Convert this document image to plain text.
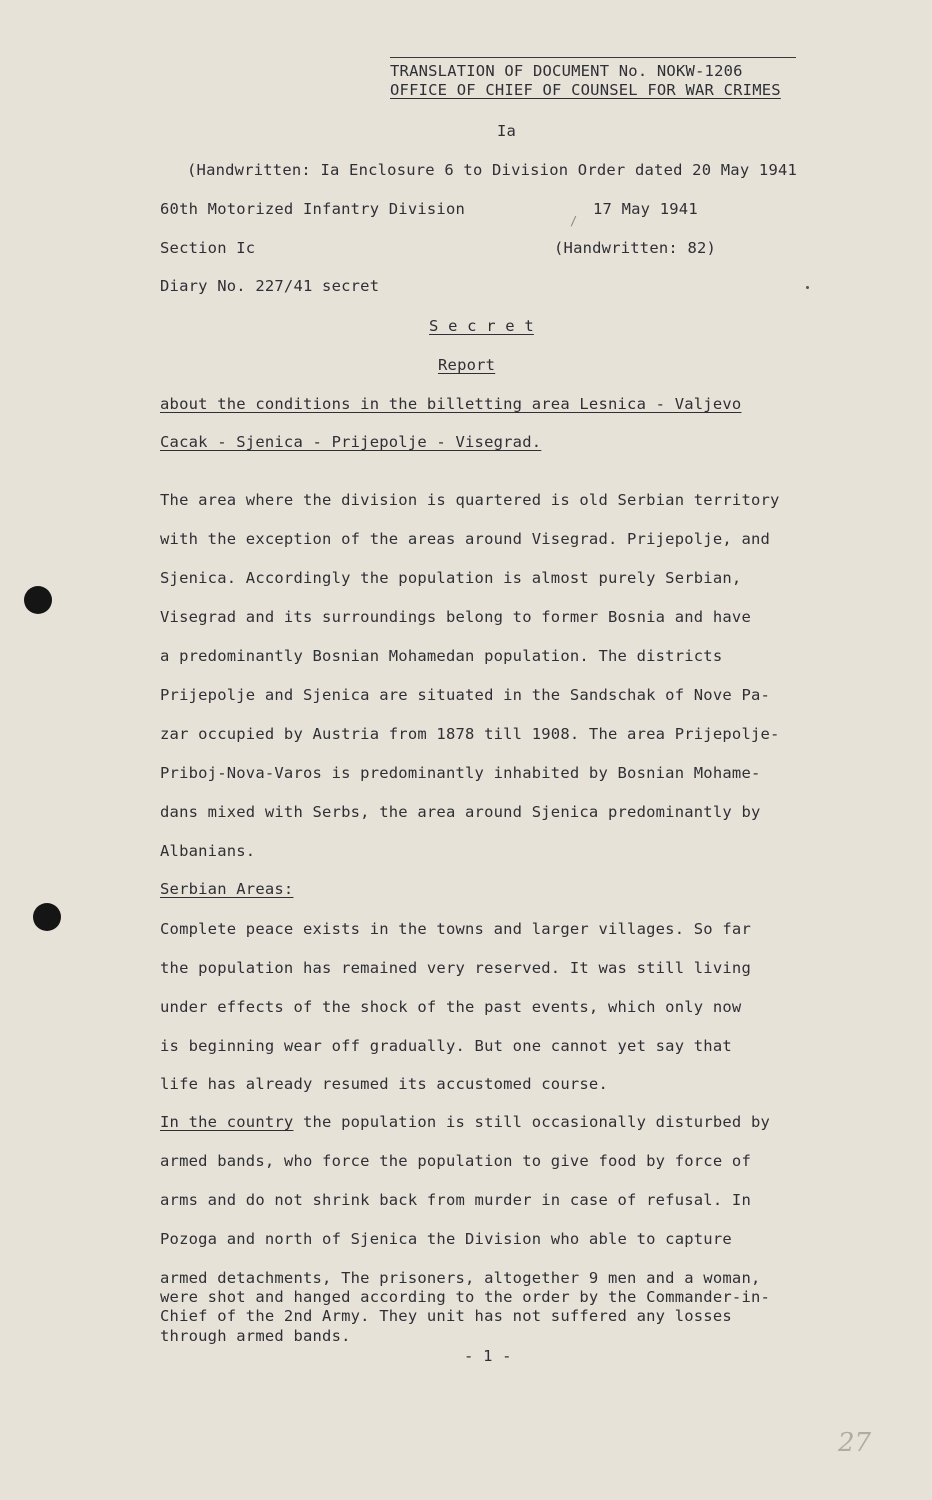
TRANSLATION OF DOCUMENT No. NOKW-1206
OFFICE OF CHIEF OF COUNSEL FOR WAR CRIMES
Ia
(Handwritten: Ia Enclosure 6 to Division Order dated 20 May 1941
60th Motorized Infantry Division	17 May 1941
/
Section Ic	(Handwritten: 82)
Diary No. 227/41 secret
S e c r e t
Report
about the conditions in the billetting area Lesnica - Valjevo
Cacak - Sjenica - Prijepolje - Visegrad.
The area where the division is quartered is old Serbian territory
with the exception of the areas around Visegrad. Prijepolje, and
Sjenica. Accordingly the population is almost purely Serbian,
Visegrad and its surroundings belong to former Bosnia and have
a predominantly Bosnian Mohamedan population. The districts
Prijepolje and Sjenica are situated in the Sandschak of Nove Pa-
zar occupied by Austria from 1878 till 1908. The area Prijepolje-
Priboj-Nova-Varos is predominantly inhabited by Bosnian Mohame-
dans mixed with Serbs, the area around Sjenica predominantly by
Albanians.
Serbian Areas:
Complete peace exists in the towns and larger villages. So far
the population has remained very reserved. It was still living
under effects of the shock of the past events, which only now
is beginning wear off gradually. But one cannot yet say that
life has already resumed its accustomed course.
In the country the population is still occasionally disturbed by
armed bands, who force the population to give food by force of
arms and do not shrink back from murder in case of refusal. In
Pozoga and north of Sjenica the Division who able to capture
armed detachments, The prisoners, altogether 9 men and a woman,
were shot and hanged according to the order by the Commander-in-
Chief of the 2nd Army. They unit has not suffered any losses
through armed bands.
- 1 -
27
